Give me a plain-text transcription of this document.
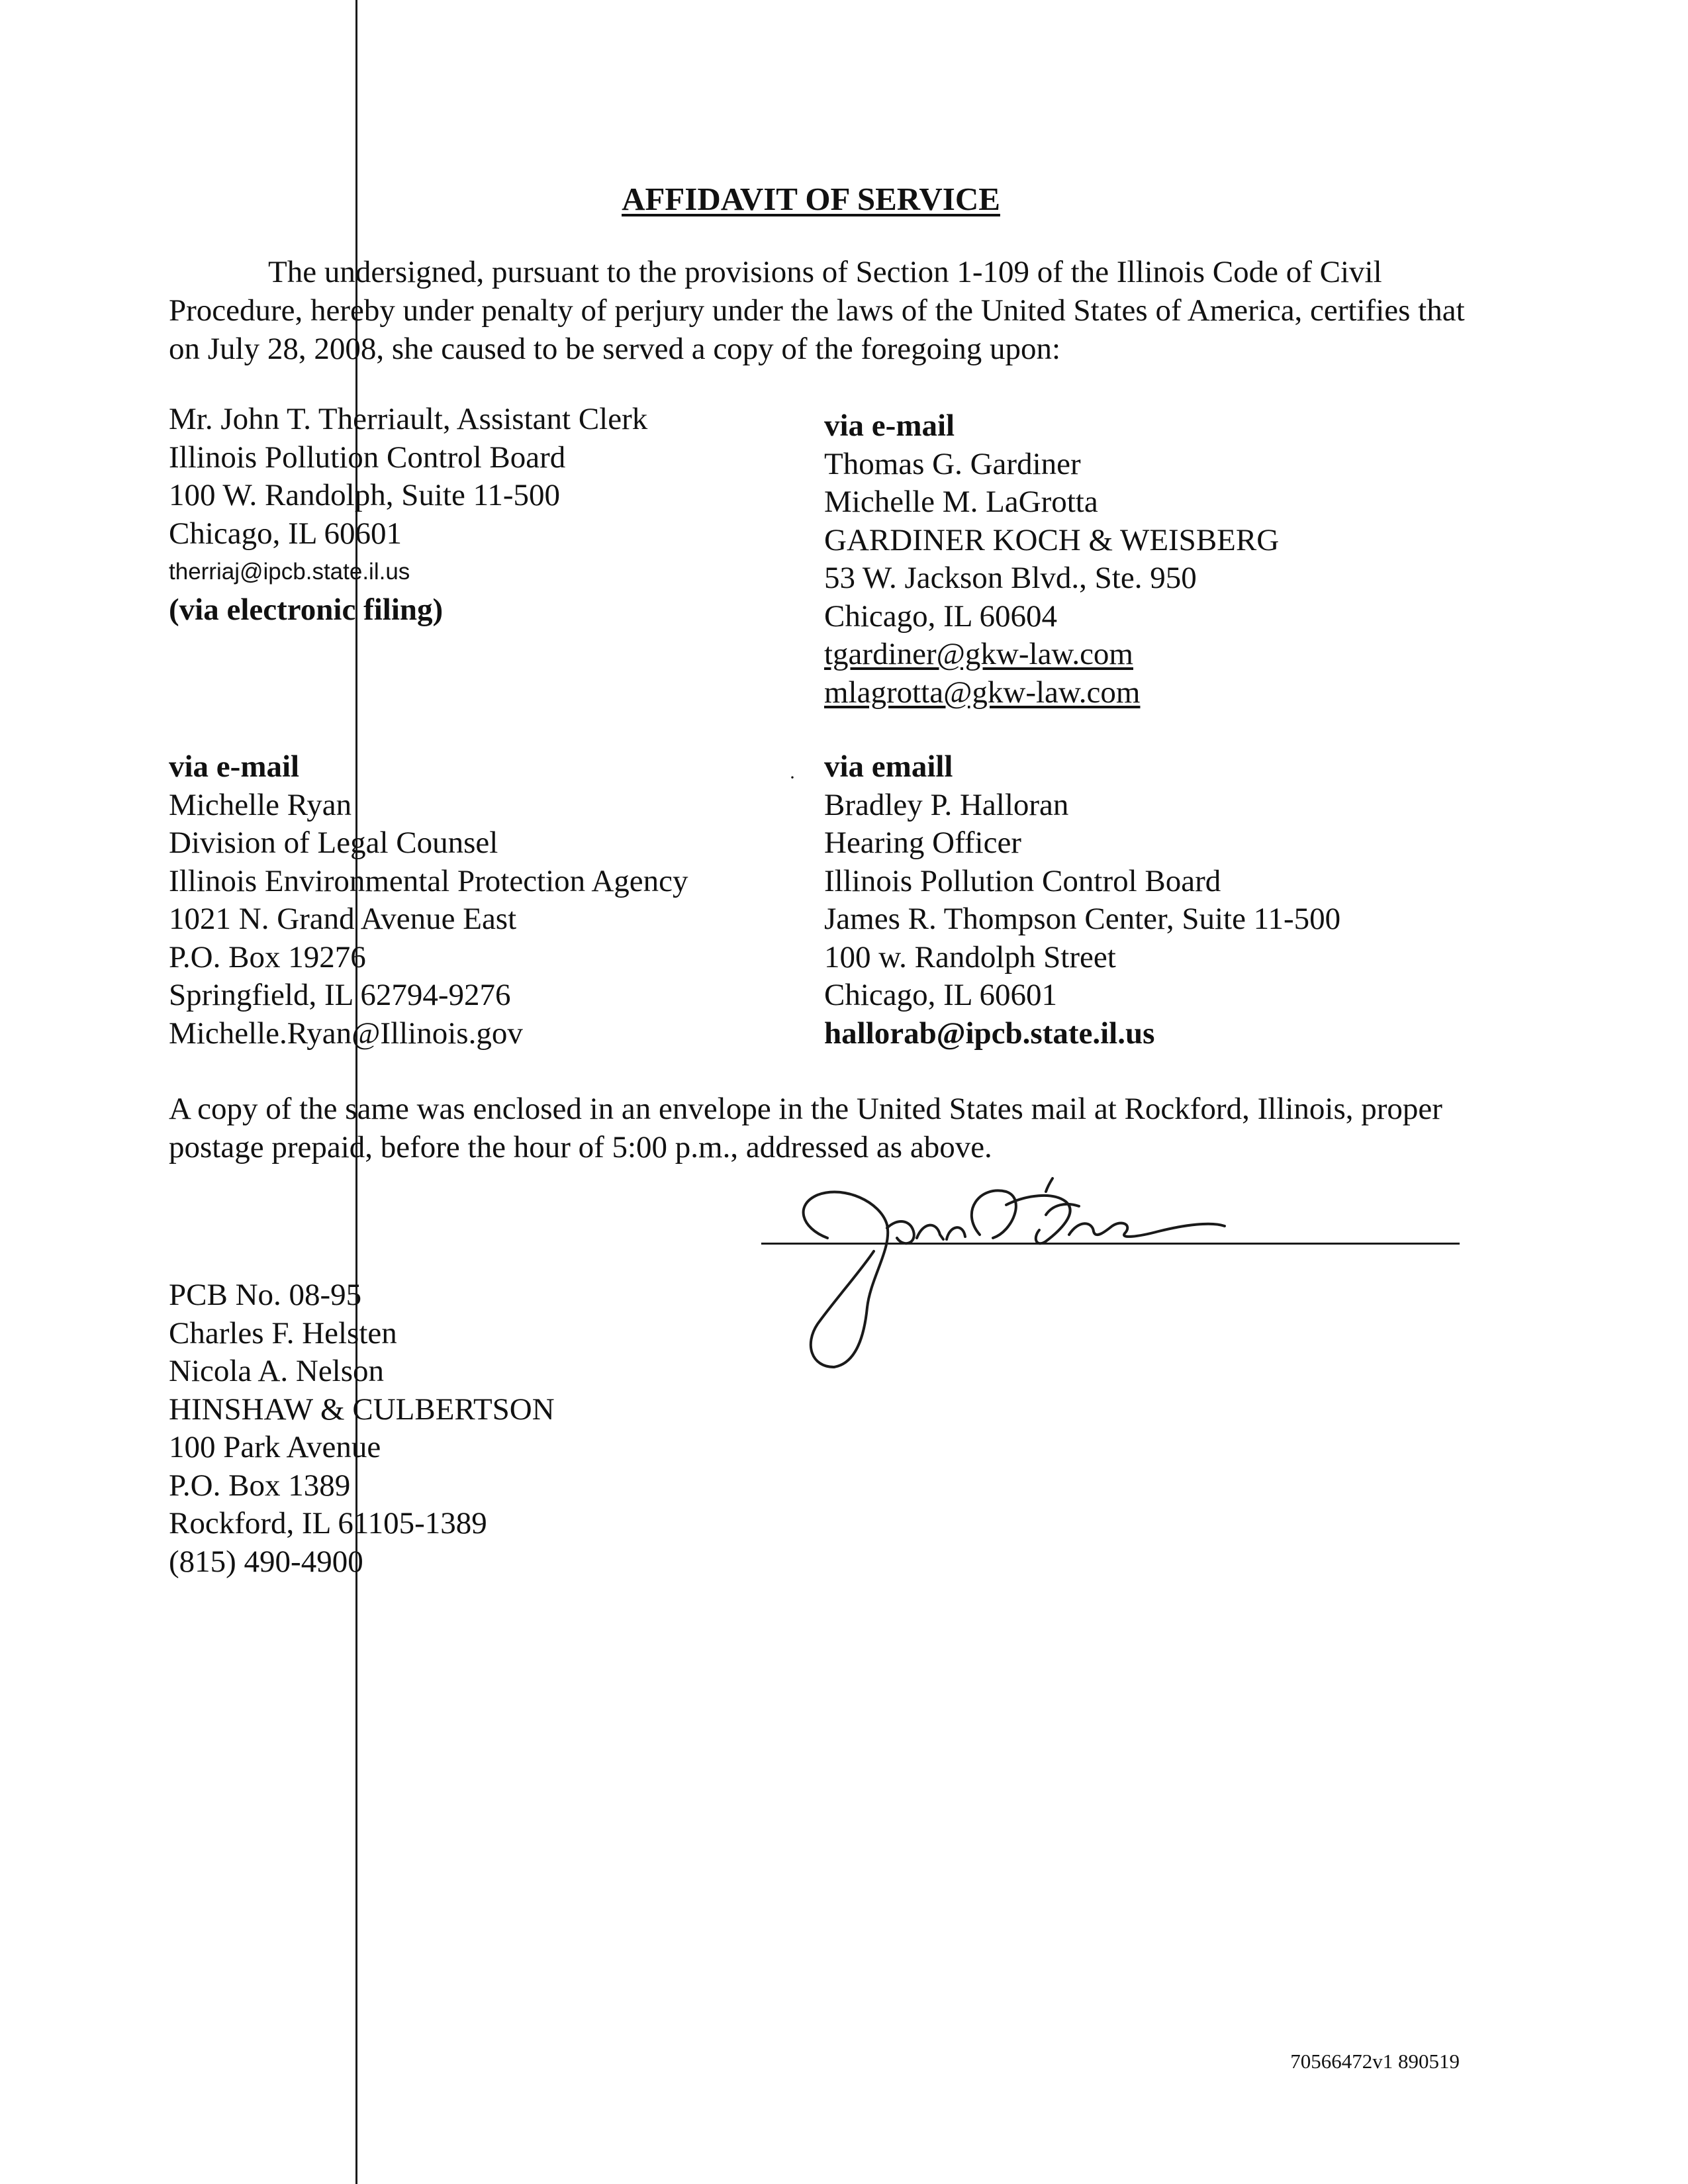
AFFIDAVIT OF SERVICE

The undersigned, pursuant to the provisions of Section 1-109 of the Illinois Code of Civil Procedure, hereby under penalty of perjury under the laws of the United States of America, certifies that on July 28, 2008, she caused to be served a copy of the foregoing upon:

Mr. John T. Therriault, Assistant Clerk
Illinois Pollution Control Board
100 W. Randolph, Suite 11-500
Chicago, IL 60601
therriaj@ipcb.state.il.us
(via electronic filing)
via e-mail
Thomas G. Gardiner
Michelle M. LaGrotta
GARDINER KOCH & WEISBERG
53 W. Jackson Blvd., Ste. 950
Chicago, IL 60604
tgardiner@gkw-law.com
mlagrotta@gkw-law.com
via e-mail
Michelle Ryan
Division of Legal Counsel
Illinois Environmental Protection Agency
1021 N. Grand Avenue East
P.O. Box 19276
Springfield, IL 62794-9276
Michelle.Ryan@Illinois.gov
· via emaill
Bradley P. Halloran
Hearing Officer
Illinois Pollution Control Board
James R. Thompson Center, Suite 11-500
100 w. Randolph Street
Chicago, IL 60601
hallorab@ipcb.state.il.us

A copy of the same was enclosed in an envelope in the United States mail at Rockford, Illinois, proper postage prepaid, before the hour of 5:00 p.m., addressed as above.

PCB No. 08-95
Charles F. Helsten
Nicola A. Nelson
HINSHAW & CULBERTSON
100 Park Avenue
P.O. Box 1389
Rockford, IL 61105-1389
(815) 490-4900
70566472v1 890519
